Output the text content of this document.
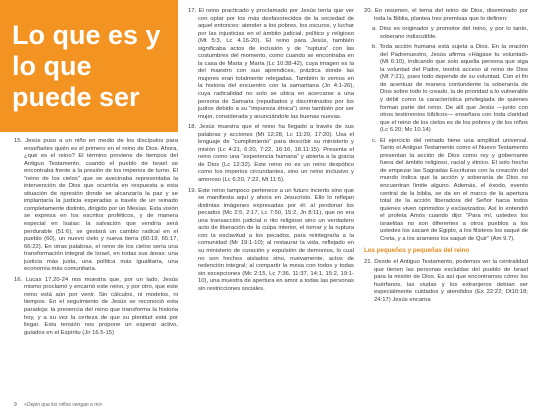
Lo que es y lo que puede ser
15. Jesús puso a un niño en medio de los discípulos para enseñarles quién es el primero en el reino de Dios. Ahora, ¿qué es el reino? El término proviene de tiempos del Antiguo Testamento, cuando el pueblo de Israel se encontraba frente a la presión de los imperios de turno. El “reino de los cielos” que se avecinaba representaba la intervención de Dios que ocurriría en respuesta a esta situación de opresión donde se alcanzaría la paz y se implantaría la justicia esperadas a través de un reinado completamente distinto, dirigido por un Mesías. Esta visión se expresa en los escritos proféticos, y de manera especial en Isaías: la salvación que vendría será perdurable (51:6), se gestará un cambio radical en el pueblo (60), un nuevo cielo y nueva tierra (60:19, 65:17, 66:22). En otras palabras, el reino de los cielos sería una transformación integral de Israel, en todas sus áreas: una justicia más justa, una política más igualitaria, una economía más comunitaria.
16. Lucas 17.20-24 nos muestra que, por un lado, Jesús mismo proclamó y encarnó este reino, y por otro, que este reino está aún por venir. Sin cálculos, ni modelos, ni tiempos. En el seguimiento de Jesús se reconoció esta paradoja: la presencia del reino que transforma la historia hoy, y a su vez la certeza de que su plenitud está por llegar. Esta tensión nos propone un esperar activo, guiados en el Espíritu (Jn 16.5-15)
17. El reino practicado y proclamado por Jesús tenía que ver con optar por los más desfavorecidos de la sociedad de aquel entonces: atender a los pobres, los oscuros, y luchar por las injusticias en el ámbito judicial, político y religioso (Mt 5:3, Lc 4.16-20). El reino para Jesús, también significaba actos de inclusión y de “ruptura” con las costumbres del momento, como cuando se encontraba en la casa de Marta y María (Lc 10:38-42), cuya imagen es la del maestro con sus aprendices, práctica donde las mujeres eran totalmente relegadas. También lo vemos en la historia del encuentro con la samaritana (Jn 4:1-26), cuya radicalidad no solo se ubica en acercarse a una persona de Samaria (repudiados y discriminados por los judíos debido a su “impureza étnica”) sino también por ser mujer, considerada y anunciándole las buenas nuevas.
18. Jesús muestra que el reino ha llegado a través de sus palabras y acciones (Mt 12:28, Lc 11:20, 17:20). Usa el lenguaje de “cumplimiento” para describir su ministerio y misión (Lc 4:21, 6:20, 7:22, 16:16, 18.11:15). Presenta el reino como una “experiencia humana” y abierta a la gracia de Dios (Lc 12:32). Este reino no es un reino despótico como los imperios circundantes, sino un reino inclusivo y amoroso (Lc 6:20, 7:22, Mt 11:5).
19. Este reino tampoco pertenece a un futuro incierto sino que se manifiesta aquí y ahora en Jesucristo. Ello lo reflejan distintas imágenes expresadas por él: al perdonar los pecados (Mc 2:5, 2:17, Lc 7:50, 15:2, Jn 8:11), que no era una transacción judicial o rito religioso sino un verdadero acto de liberación de la culpa interior, el tornar y la ruptura con la esclavitud a los pecados, para reintegrarla a la comunidad (Mr 19:1-10); al restaurar la vida, reflejado en su ministerio de curación y expulsión de demonios, lo cual no son hechos aislados sino, nuevamente, actos de redención integral; al compartir la mesa con todos y todas sin excepciones (Mc 2:15, Lc 7:36, 11:37, 14:1, 15:2, 19:1-10), una muestra de apertura en amor a todas las personas sin restricciones sociales.
20. En resumen, el tema del reino de Dios, diseminado por toda la Biblia, plantea tres premisas que lo definen:
a. Dios es originador y promotor del reino, y por lo tanto, soberano indiscutible.
b. Toda acción humana está sujeta a Dios. En la oración del Padrenuestro, Jesús afirma «Hágase tu voluntad» (Mt 6:10), indicando que solo aquella persona que siga la voluntad del Padre, tendrá acceso al reino de Dios (Mt 7:21), pues todo depende de su voluntad. Con el fin de acentuar de manera contundente la soberanía de Dios sobre todo lo creado, la de prioridad a lo vulnerable y débil como la característica privilegiada de quienes forman parte del reino. De allí que Jesús —junto con otros testimonios bíblicos— enseñara con toda claridad que el reino de los cielos es de los pobres y de los niños (Lc 6.20; Mc 10.14)
c. El ejercicio del reinado tiene una amplitud universal. Tanto el Antiguo Testamento como el Nuevo Testamento presentan la acción de Dios como rey y gobernante fuera del ámbito religioso, racial y étnico. El solo hecho de empezar las Sagradas Escrituras con la creación del mundo indica que la acción y soberanía de Dios no encuentran límite alguno. Además, el éxodo, evento central de la biblia, se da en el marco de la apertura total de la acción liberadora del Señor hacia todos quienes viven oprimidos y esclavizados. Así lo entendió el profeta Amós cuando dijo: “Para mí, ustedes los israelitas no son diferentes a otros pueblos a los ustedes los sacaré de Egipto, a los filisteos los saqué de Creta, y a los arameos los saqué de Quir” (Am 9.7).
Los pequeños y pequeñas del reino
21. Desde el Antiguo Testamento, podemos ver la centralidad que tienen las personas excluidas del pueblo de Israel para la misión de Dios. Es así que encontramos cómo los huérfanos, las viudas y los extranjeros debían ser especialmente cuidados y atendidos (Ex 22:22; Dt10:18; 24:17) Jesús encarna
9 «Dejen que los niños vengan a mí»
